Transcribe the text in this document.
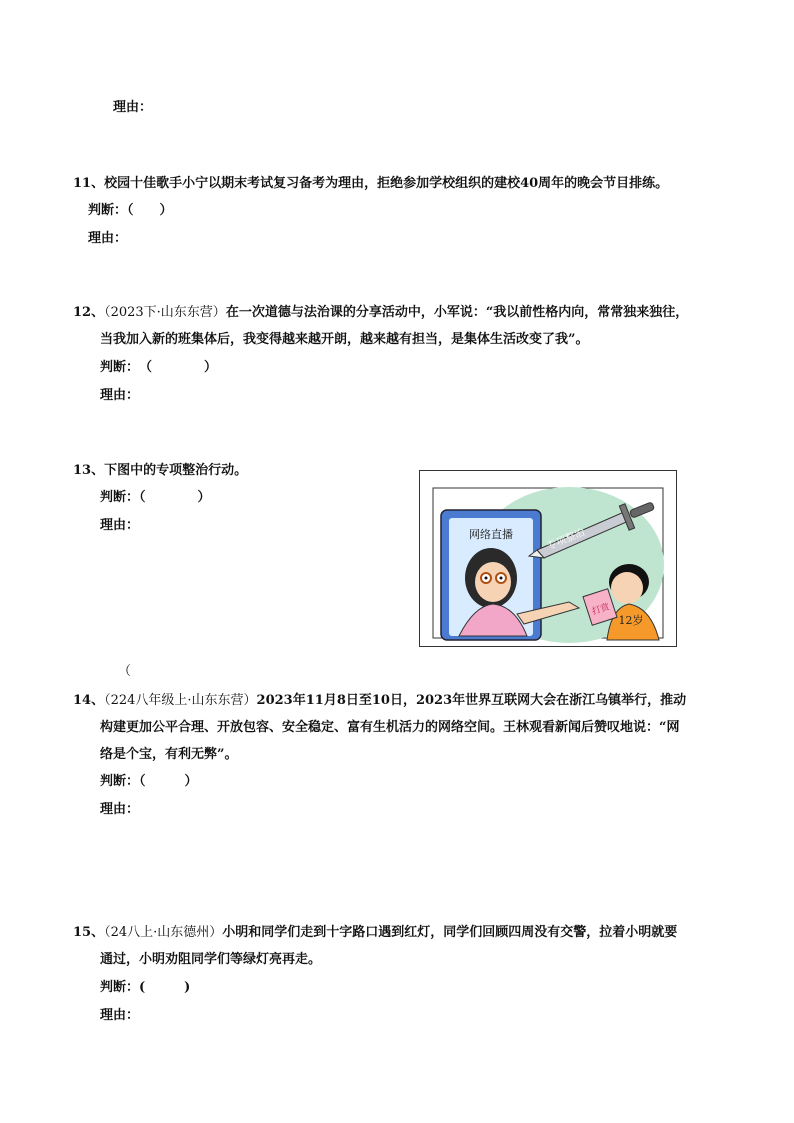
理由：
11、校园十佳歌手小宁以期末考试复习备考为理由，拒绝参加学校组织的建校40周年的晚会节目排练。
判断：（　　）
理由：
12、（2023下·山东东营）在一次道德与法治课的分享活动中，小军说：“我以前性格内向，常常独来独往，
当我加入新的班集体后，我变得越来越开朗，越来越有担当，是集体生活改变了我”。
判断：　（　　　　）
理由：
13、下图中的专项整治行动。
判断：（　　　　）
理由：
（
网络直播	专项整治
打赏
12岁
14、（224八年级上·山东东营）2023年11月8日至10日，2023年世界互联网大会在浙江乌镇举行，推动
构建更加公平合理、开放包容、安全稳定、富有生机活力的网络空间。王林观看新闻后赞叹地说：“网
络是个宝，有利无弊”。
判断：（　　　）
理由：
15、（24八上·山东德州）小明和同学们走到十字路口遇到红灯，同学们回顾四周没有交警，拉着小明就要
通过，小明劝阻同学们等绿灯亮再走。
判断：(　　　)
理由：
